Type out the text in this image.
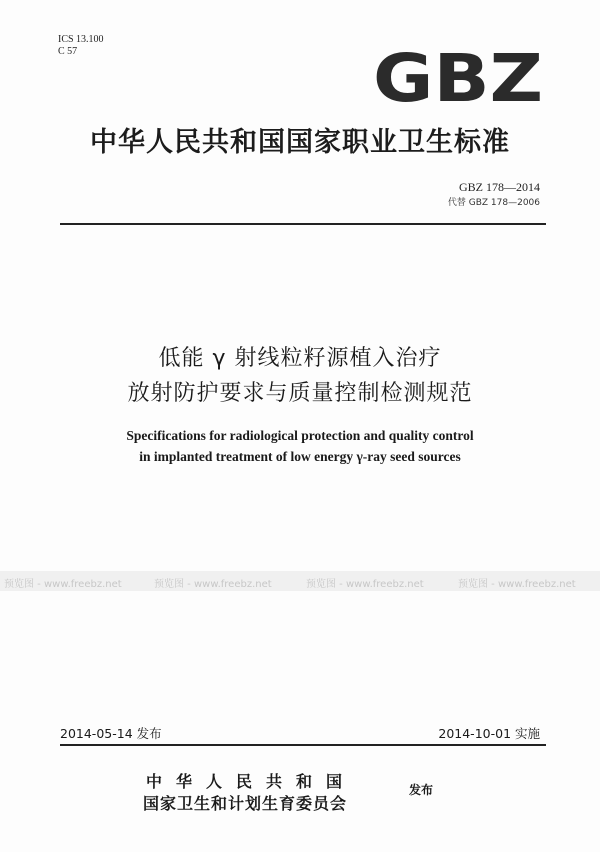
ICS 13.100
C 57	GBZ
中华人民共和国国家职业卫生标准
GBZ 178—2014
代替 GBZ 178—2006
低能 γ 射线粒籽源植入治疗
放射防护要求与质量控制检测规范
Specifications for radiological protection and quality control
in implanted treatment of low energy γ-ray seed sources
预览图 - www.freebz.net	预览图 - www.freebz.net	预览图 - www.freebz.net	预览图 - www.freebz.net
2014-05-14 发布	2014-10-01 实施
中华人民共和国
国家卫生和计划生育委员会
发布
